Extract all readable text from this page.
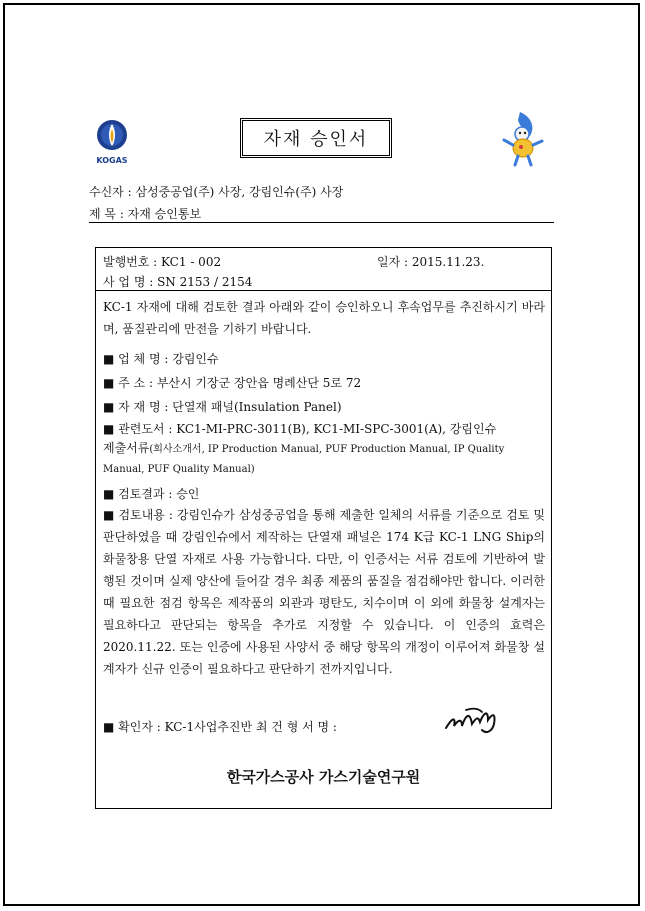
KOGAS
자재 승인서
수신자 : 삼성중공업(주) 사장, 강림인슈(주) 사장
제 목 : 자재 승인통보
발행번호 : KC1 - 002	일자 : 2015.11.23.
사 업 명 : SN 2153 / 2154

KC-1 자재에 대해 검토한 결과 아래와 같이 승인하오니 후속업무를 추진하시기 바라며, 품질관리에 만전을 기하기 바랍니다.

■ 업 체 명 : 강림인슈

■ 주 소 : 부산시 기장군 장안읍 명례산단 5로 72

■ 자 재 명 : 단열재 패널(Insulation Panel)

■ 관련도서 : KC1-MI-PRC-3011(B), KC1-MI-SPC-3001(A), 강림인슈

제출서류(회사소개서, IP Production Manual, PUF Production Manual, IP Quality Manual, PUF Quality Manual)

■ 검토결과 : 승인

■ 검토내용 : 강림인슈가 삼성중공업을 통해 제출한 일체의 서류를 기준으로 검토 및 판단하였을 때 강림인슈에서 제작하는 단열재 패널은 174 K급 KC-1 LNG Ship의 화물창용 단열 자재로 사용 가능합니다. 다만, 이 인증서는 서류 검토에 기반하여 발행된 것이며 실제 양산에 들어갈 경우 최종 제품의 품질을 점검해야만 합니다. 이러한 때 필요한 점검 항목은 제작품의 외관과 평탄도, 치수이며 이 외에 화물창 설계자는 필요하다고 판단되는 항목을 추가로 지정할 수 있습니다. 이 인증의 효력은 2020.11.22. 또는 인증에 사용된 사양서 중 해당 항목의 개정이 이루어져 화물창 설계자가 신규 인증이 필요하다고 판단하기 전까지입니다.

■ 확인자 : KC-1사업추진반 최 건 형 서 명 :

한국가스공사 가스기술연구원
